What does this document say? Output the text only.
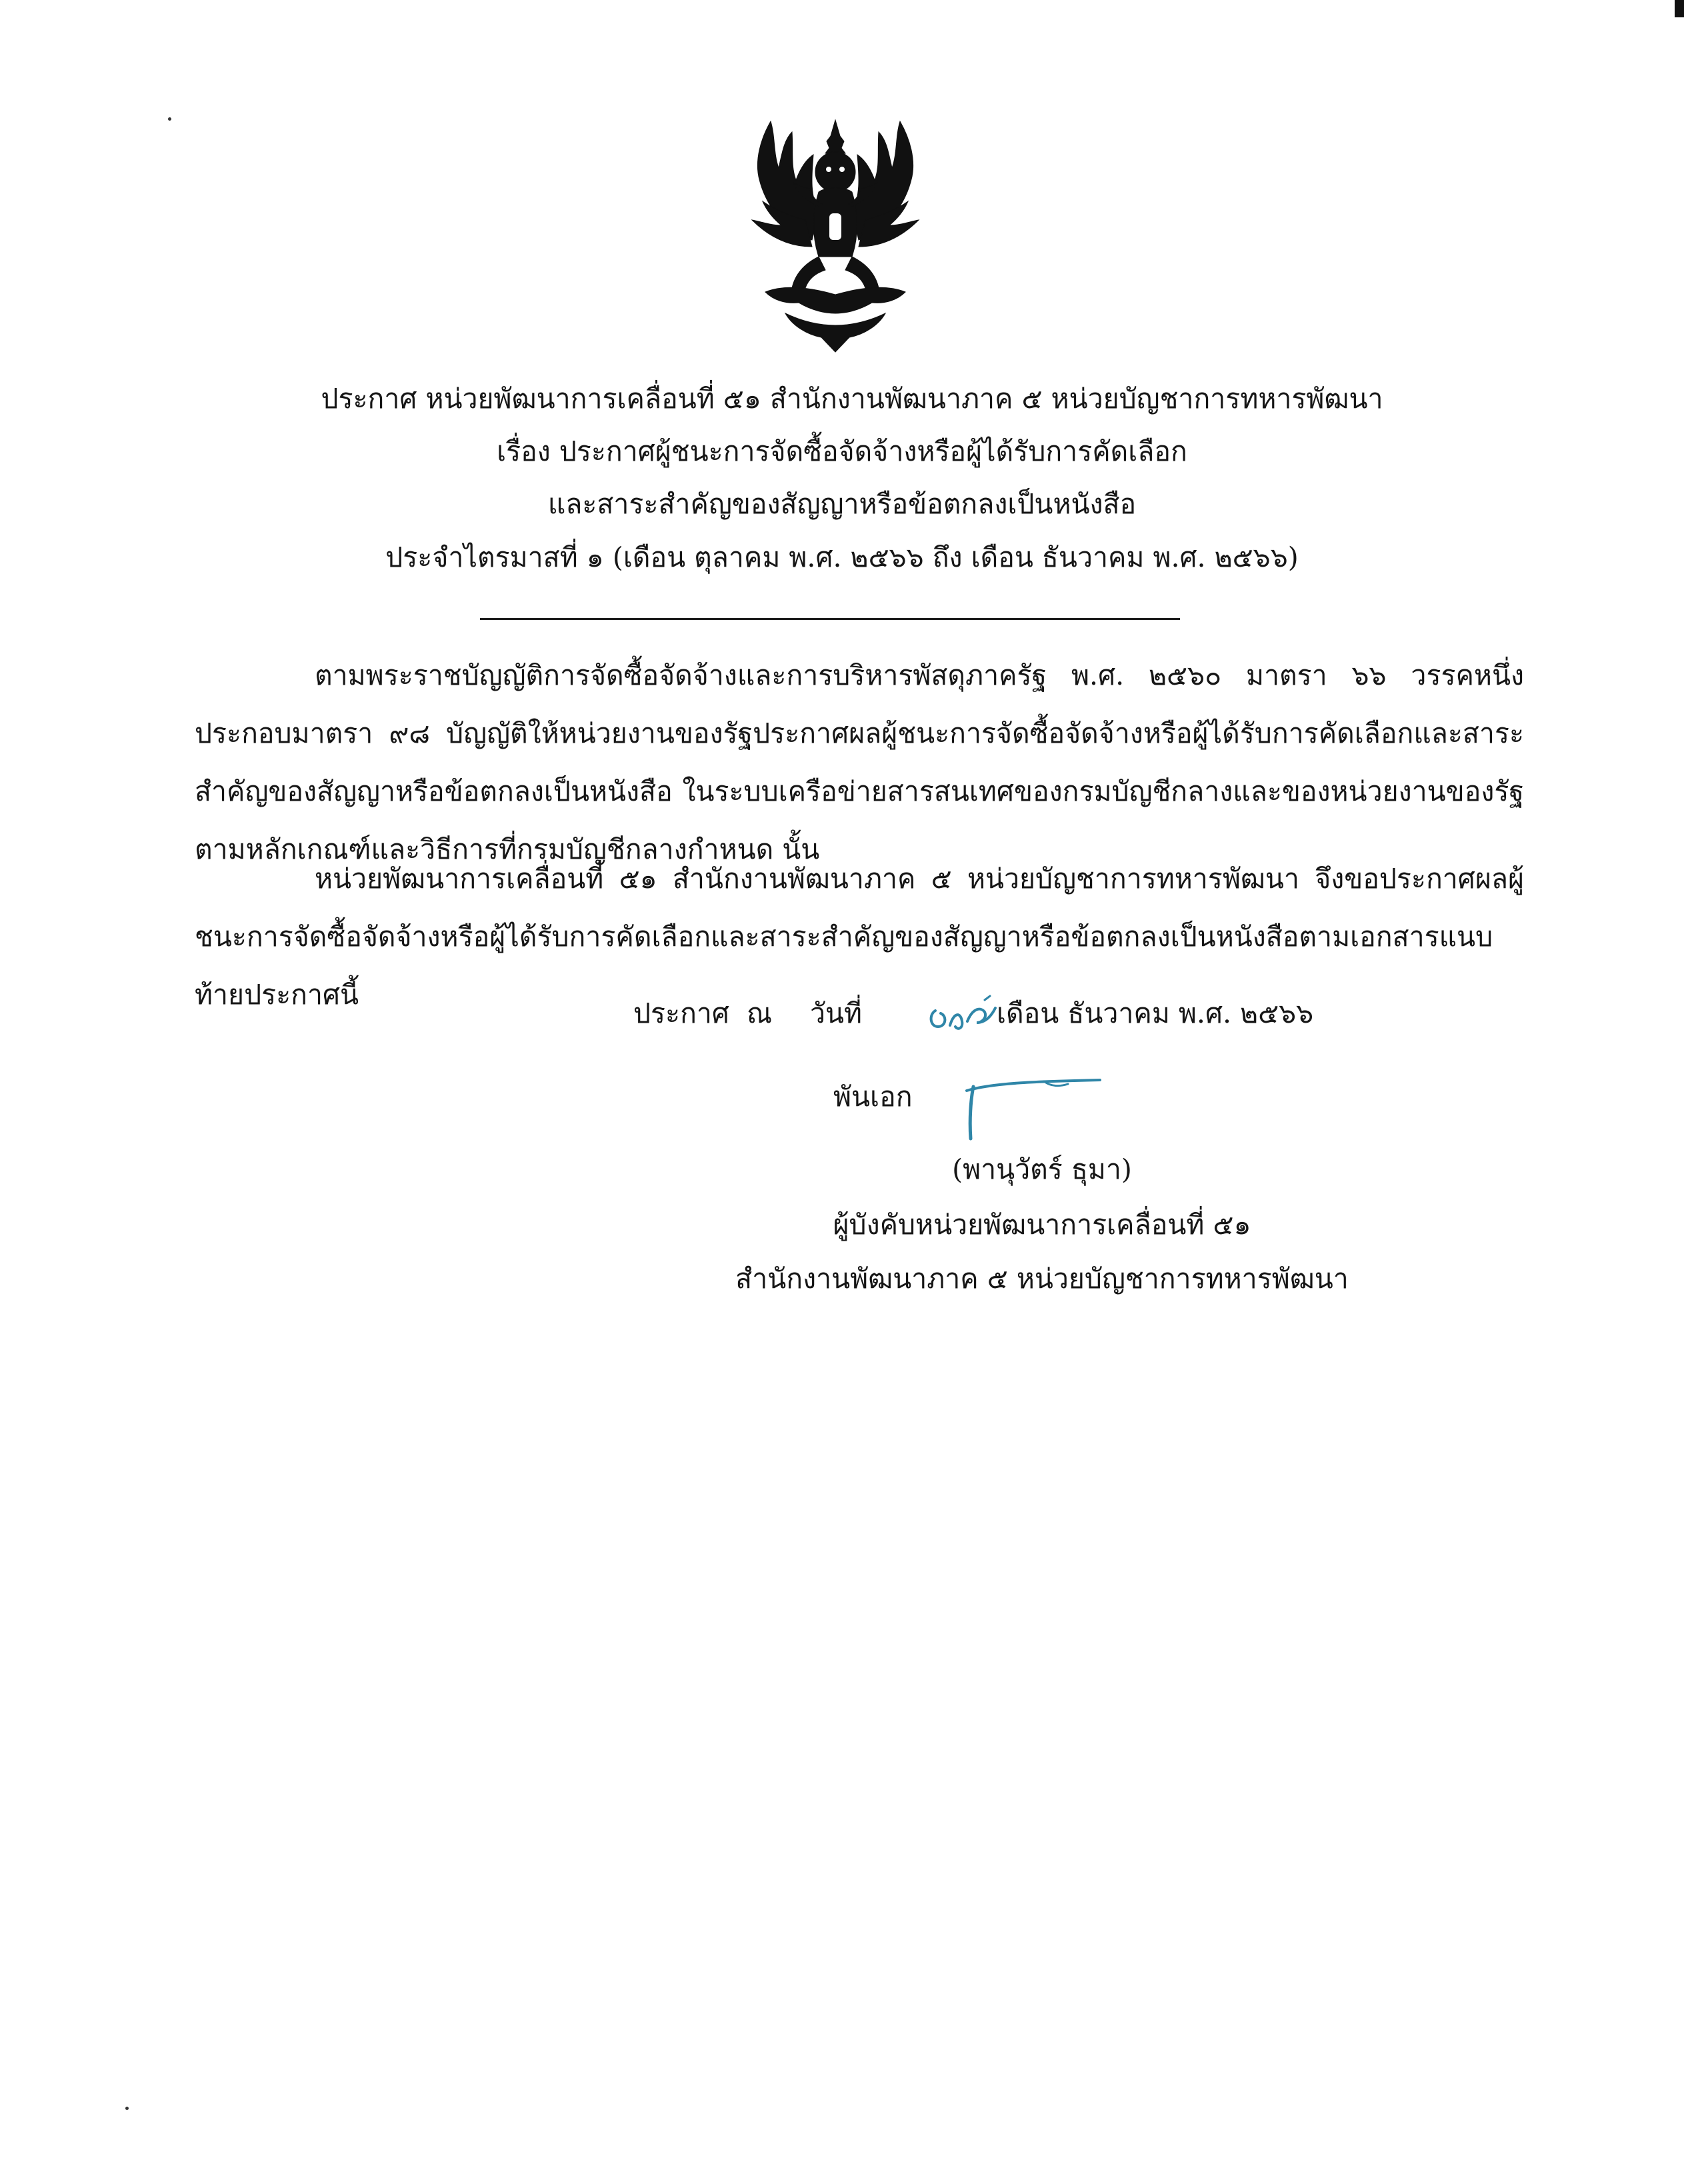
ประกาศ หน่วยพัฒนาการเคลื่อนที่ ๕๑ สำนักงานพัฒนาภาค ๕ หน่วยบัญชาการทหารพัฒนา
เรื่อง ประกาศผู้ชนะการจัดซื้อจัดจ้างหรือผู้ได้รับการคัดเลือก
และสาระสำคัญของสัญญาหรือข้อตกลงเป็นหนังสือ
ประจำไตรมาสที่ ๑ (เดือน ตุลาคม พ.ศ. ๒๕๖๖ ถึง เดือน ธันวาคม พ.ศ. ๒๕๖๖)
ตามพระราชบัญญัติการจัดซื้อจัดจ้างและการบริหารพัสดุภาครัฐ พ.ศ. ๒๕๖๐ มาตรา ๖๖ วรรคหนึ่ง ประกอบมาตรา ๙๘ บัญญัติให้หน่วยงานของรัฐประกาศผลผู้ชนะการจัดซื้อจัดจ้างหรือผู้ได้รับการคัดเลือกและสาระสำคัญของสัญญาหรือข้อตกลงเป็นหนังสือ ในระบบเครือข่ายสารสนเทศของกรมบัญชีกลางและของหน่วยงานของรัฐตามหลักเกณฑ์และวิธีการที่กรมบัญชีกลางกำหนด นั้น
หน่วยพัฒนาการเคลื่อนที่ ๕๑ สำนักงานพัฒนาภาค ๕ หน่วยบัญชาการทหารพัฒนา จึงขอประกาศผลผู้ชนะการจัดซื้อจัดจ้างหรือผู้ได้รับการคัดเลือกและสาระสำคัญของสัญญาหรือข้อตกลงเป็นหนังสือตามเอกสารแนบท้ายประกาศนี้
ประกาศ ณ วันที่	เดือน ธันวาคม พ.ศ. ๒๕๖๖
พันเอก
(พานุวัตร์ ธุมา)
ผู้บังคับหน่วยพัฒนาการเคลื่อนที่ ๕๑
สำนักงานพัฒนาภาค ๕ หน่วยบัญชาการทหารพัฒนา
